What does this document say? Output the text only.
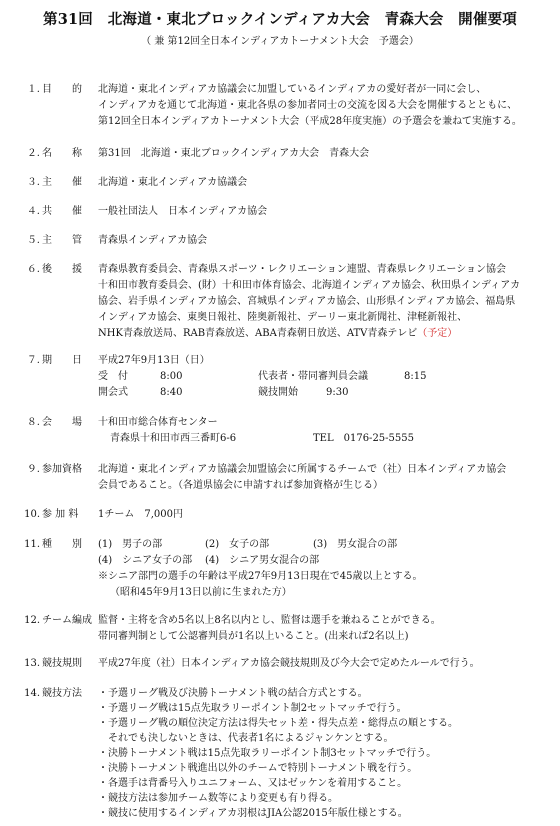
第31回　北海道・東北ブロックインディアカ大会　青森大会　開催要項
（ 兼 第12回全日本インディアカトーナメント大会　予選会）
１. 目　　的 北海道・東北インディアカ協議会に加盟しているインディアカの愛好者が一同に会し、
インディアカを通じて北海道・東北各県の参加者同士の交流を図る大会を開催するとともに、
第12回全日本インディアカトーナメント大会（平成28年度実施）の予選会を兼ねて実施する。
２. 名　　称	第31回　北海道・東北ブロックインディアカ大会　青森大会
３. 主　　催	北海道・東北インディアカ協議会
４. 共　　催	一般社団法人　日本インディアカ協会
５. 主　　管	青森県インディアカ協会
６. 後　　援	青森県教育委員会、青森県スポーツ・レクリエーション連盟、青森県レクリエーション協会
十和田市教育委員会、(財）十和田市体育協会、北海道インディアカ協会、秋田県インディアカ
協会、岩手県インディアカ協会、宮城県インディアカ協会、山形県インディアカ協会、福島県
インディアカ協会、東奥日報社、陸奥新報社、デーリー東北新聞社、津軽新報社、
NHK青森放送局、RAB青森放送、ABA青森朝日放送、ATV青森テレビ（予定）
７. 期　　日	平成27年9月13日（日）
受　付	8:00	代表者・帯同審判員会議	8:15
開会式	8:40	競技開始	9:30
８. 会　　場	十和田市総合体育センター
青森県十和田市西三番町6-6	TEL　0176-25-5555
９. 参加資格	北海道・東北インディアカ協議会加盟協会に所属するチームで（社）日本インディアカ協会
会員であること。（各道県協会に申請すれば参加資格が生じる）
10. 参 加 料	1チーム　7,000円
11. 種　　別	(1)　男子の部	(2)　女子の部	(3)　男女混合の部
(4)　シニア女子の部 (4)　シニア男女混合の部
※シニア部門の選手の年齢は平成27年9月13日現在で45歳以上とする。
（昭和45年9月13日以前に生まれた方）
12. チーム編成 監督・主将を含め5名以上8名以内とし、監督は選手を兼ねることができる。
帯同審判制として公認審判員が1名以上いること。(出来れば2名以上)
13. 競技規則	平成27年度（社）日本インディアカ協会競技規則及び今大会で定めたルールで行う。
14. 競技方法
・	予選リーグ戦及び決勝トーナメント戦の結合方式とする。
・ 予選リーグ戦は15点先取ラリーポイント制2セットマッチで行う。
・ 予選リーグ戦の順位決定方法は得失セット差・得失点差・総得点の順とする。
それでも決しないときは、代表者1名によるジャンケンとする。
・ 決勝トーナメント戦は15点先取ラリーポイント制3セットマッチで行う。
・ 決勝トーナメント戦進出以外のチームで特別トーナメント戦を行う。
・ 各選手は背番号入りユニフォーム、又はゼッケンを着用すること。
・ 競技方法は参加チーム数等により変更も有り得る。
・ 競技に使用するインディアカ羽根はJIA公認2015年版仕様とする。
